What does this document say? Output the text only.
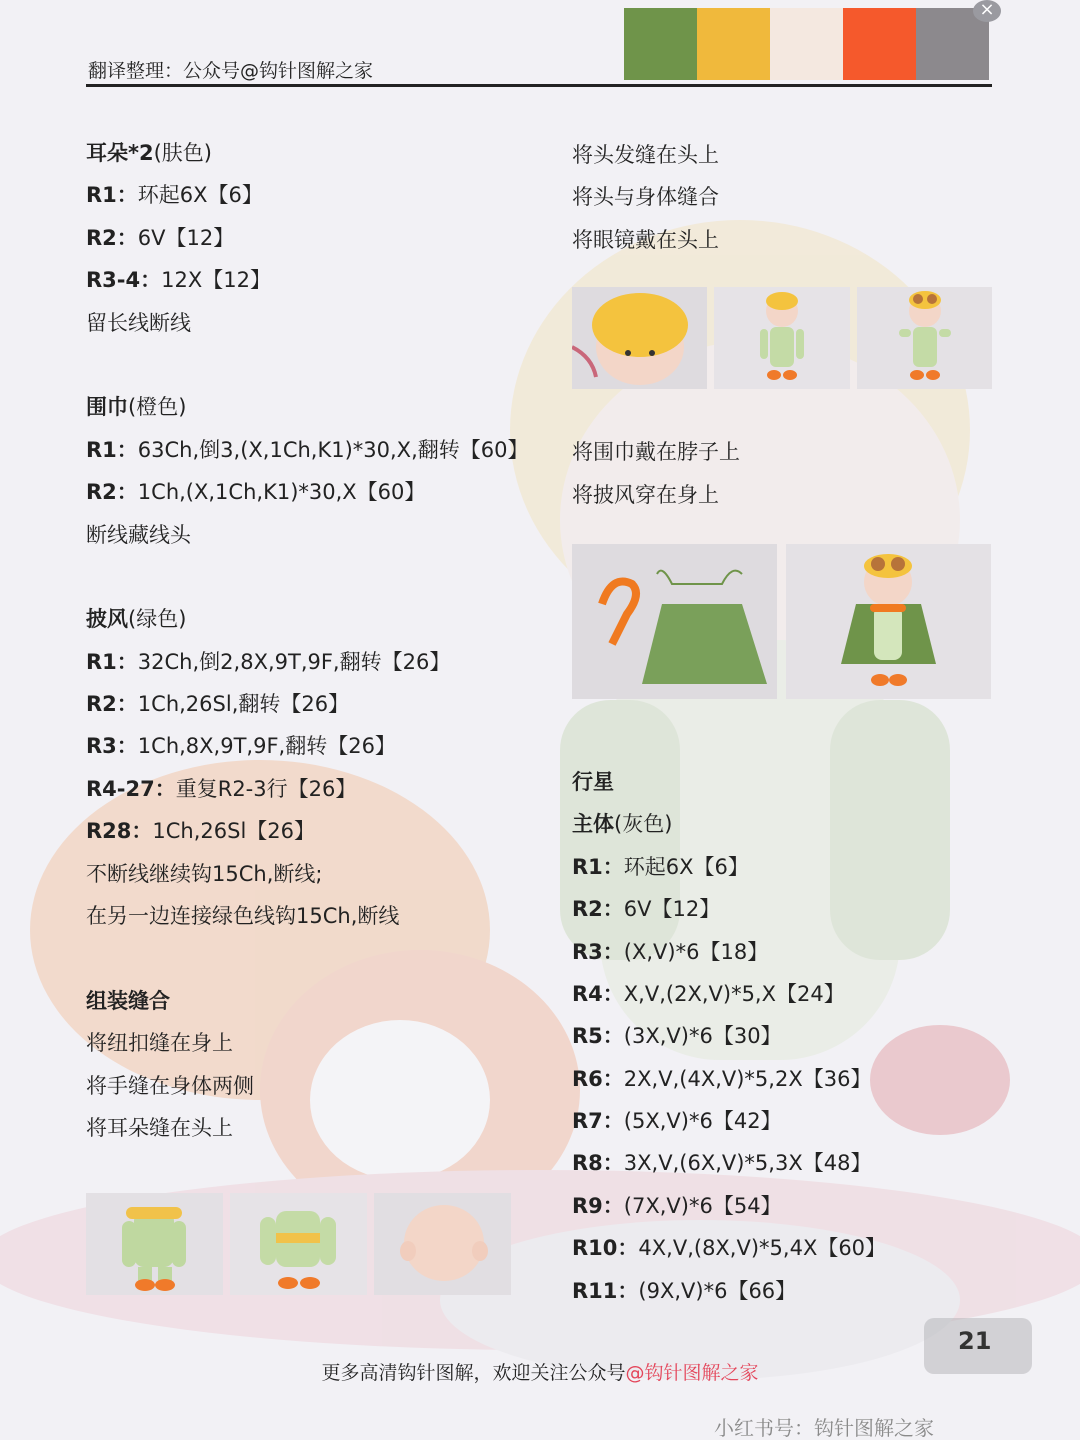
×
翻译整理：公众号@钩针图解之家
耳朵*2(肤色)
R1：环起6X【6】
R2：6V【12】
R3-4：12X【12】
留长线断线
围巾(橙色)
R1：63Ch,倒3,(X,1Ch,K1)*30,X,翻转【60】
R2：1Ch,(X,1Ch,K1)*30,X【60】
断线藏线头
披风(绿色)
R1：32Ch,倒2,8X,9T,9F,翻转【26】
R2：1Ch,26Sl,翻转【26】
R3：1Ch,8X,9T,9F,翻转【26】
R4-27：重复R2-3行【26】
R28：1Ch,26Sl【26】
不断线继续钩15Ch,断线;
在另一边连接绿色线钩15Ch,断线
组装缝合
将纽扣缝在身上
将手缝在身体两侧
将耳朵缝在头上
将头发缝在头上
将头与身体缝合
将眼镜戴在头上
将围巾戴在脖子上
将披风穿在身上
行星
主体(灰色)
R1：环起6X【6】
R2：6V【12】
R3：(X,V)*6【18】
R4：X,V,(2X,V)*5,X【24】
R5：(3X,V)*6【30】
R6：2X,V,(4X,V)*5,2X【36】
R7：(5X,V)*6【42】
R8：3X,V,(6X,V)*5,3X【48】
R9：(7X,V)*6【54】
R10：4X,V,(8X,V)*5,4X【60】
R11：(9X,V)*6【66】
更多高清钩针图解，欢迎关注公众号@钩针图解之家
21
小红书号：钩针图解之家
